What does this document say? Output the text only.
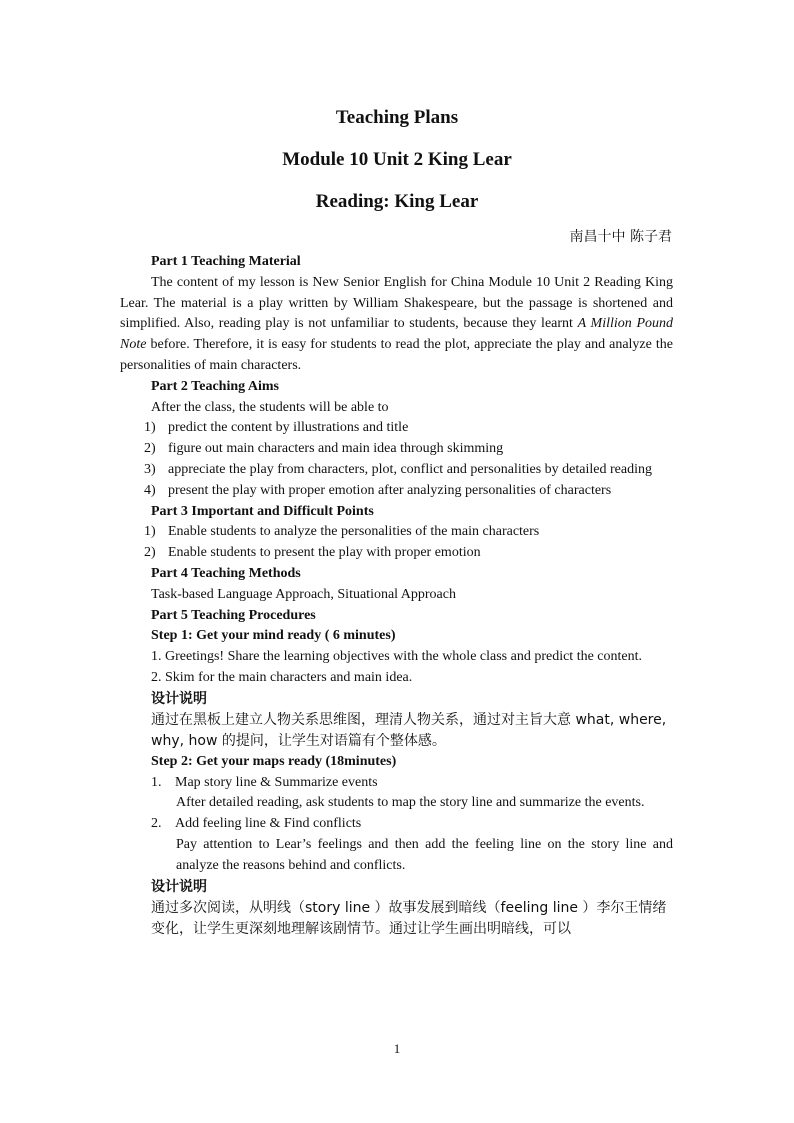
Teaching Plans
Module 10 Unit 2 King Lear
Reading: King Lear
南昌十中 陈子君

Part 1 Teaching Material

The content of my lesson is New Senior English for China Module 10 Unit 2 Reading King Lear. The material is a play written by William Shakespeare, but the passage is shortened and simplified. Also, reading play is not unfamiliar to students, because they learnt A Million Pound Note before. Therefore, it is easy for students to read the plot, appreciate the play and analyze the personalities of main characters.

Part 2 Teaching Aims

After the class, the students will be able to

1) predict the content by illustrations and title
2) figure out main characters and main idea through skimming
3) appreciate the play from characters, plot, conflict and personalities by detailed reading
4) present the play with proper emotion after analyzing personalities of characters

Part 3 Important and Difficult Points

1) Enable students to analyze the personalities of the main characters
2) Enable students to present the play with proper emotion

Part 4 Teaching Methods

Task-based Language Approach, Situational Approach

Part 5 Teaching Procedures

Step 1: Get your mind ready ( 6 minutes)

1. Greetings! Share the learning objectives with the whole class and predict the content.

2. Skim for the main characters and main idea.

设计说明

通过在黑板上建立人物关系思维图，理清人物关系，通过对主旨大意 what, where, why, how 的提问，让学生对语篇有个整体感。

Step 2: Get your maps ready (18minutes)

1. Map story line & Summarize events

After detailed reading, ask students to map the story line and summarize the events.

2. Add feeling line & Find conflicts

Pay attention to Lear’s feelings and then add the feeling line on the story line and analyze the reasons behind and conflicts.

设计说明

通过多次阅读，从明线（story line ）故事发展到暗线（feeling line ）李尔王情绪变化，让学生更深刻地理解该剧情节。通过让学生画出明暗线，可以

1
